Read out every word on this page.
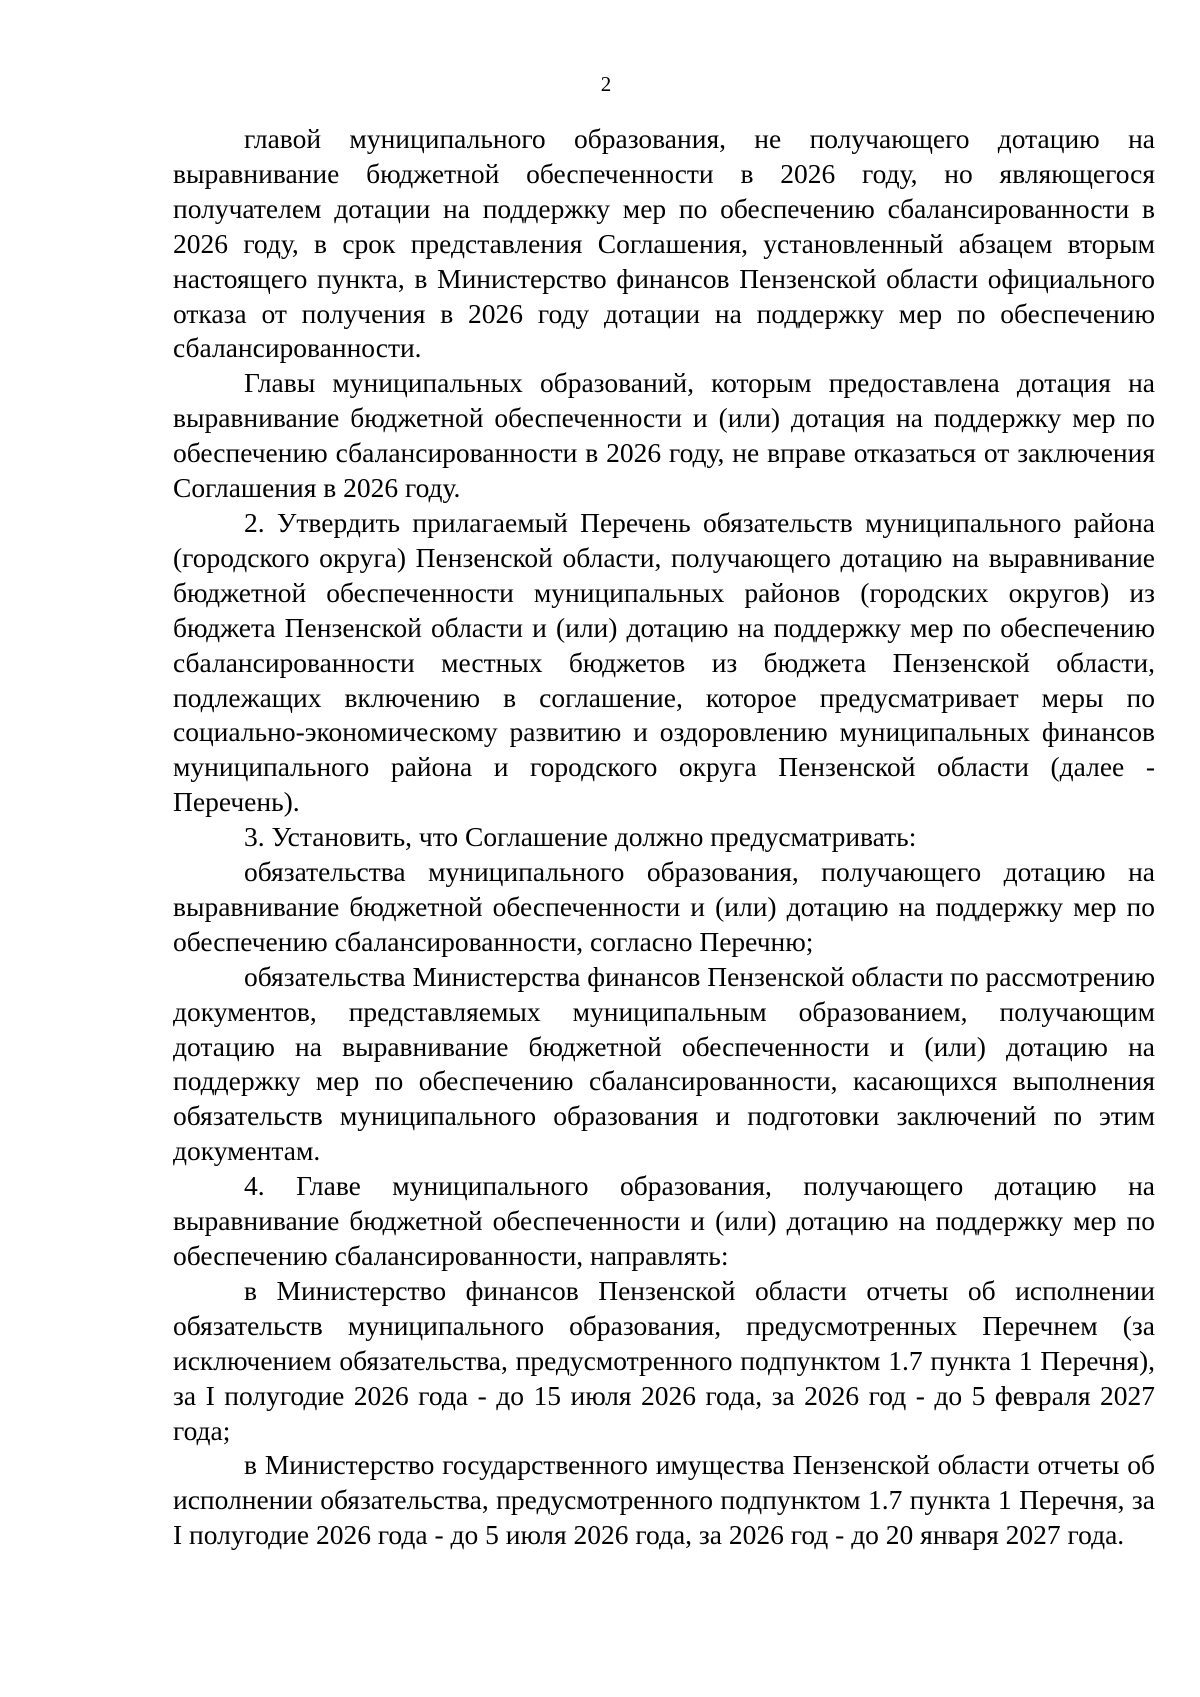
2

главой муниципального образования, не получающего дотацию на выравнивание бюджетной обеспеченности в 2026 году, но являющегося получателем дотации на поддержку мер по обеспечению сбалансированности в 2026 году, в срок представления Соглашения, установленный абзацем вторым настоящего пункта, в Министерство финансов Пензенской области официального отказа от получения в 2026 году дотации на поддержку мер по обеспечению сбалансированности.

Главы муниципальных образований, которым предоставлена дотация на выравнивание бюджетной обеспеченности и (или) дотация на поддержку мер по обеспечению сбалансированности в 2026 году, не вправе отказаться от заключения Соглашения в 2026 году.

2. Утвердить прилагаемый Перечень обязательств муниципального района (городского округа) Пензенской области, получающего дотацию на выравнивание бюджетной обеспеченности муниципальных районов (городских округов) из бюджета Пензенской области и (или) дотацию на поддержку мер по обеспечению сбалансированности местных бюджетов из бюджета Пензенской области, подлежащих включению в соглашение, которое предусматривает меры по социально-экономическому развитию и оздоровлению муниципальных финансов муниципального района и городского округа Пензенской области (далее - Перечень).

3. Установить, что Соглашение должно предусматривать:

обязательства муниципального образования, получающего дотацию на выравнивание бюджетной обеспеченности и (или) дотацию на поддержку мер по обеспечению сбалансированности, согласно Перечню;

обязательства Министерства финансов Пензенской области по рассмотрению документов, представляемых муниципальным образованием, получающим дотацию на выравнивание бюджетной обеспеченности и (или) дотацию на поддержку мер по обеспечению сбалансированности, касающихся выполнения обязательств муниципального образования и подготовки заключений по этим документам.

4. Главе муниципального образования, получающего дотацию на выравнивание бюджетной обеспеченности и (или) дотацию на поддержку мер по обеспечению сбалансированности, направлять:

в Министерство финансов Пензенской области отчеты об исполнении обязательств муниципального образования, предусмотренных Перечнем (за исключением обязательства, предусмотренного подпунктом 1.7 пункта 1 Перечня), за I полугодие 2026 года - до 15 июля 2026 года, за 2026 год - до 5 февраля 2027 года;

в Министерство государственного имущества Пензенской области отчеты об исполнении обязательства, предусмотренного подпунктом 1.7 пункта 1 Перечня, за I полугодие 2026 года - до 5 июля 2026 года, за 2026 год - до 20 января 2027 года.
